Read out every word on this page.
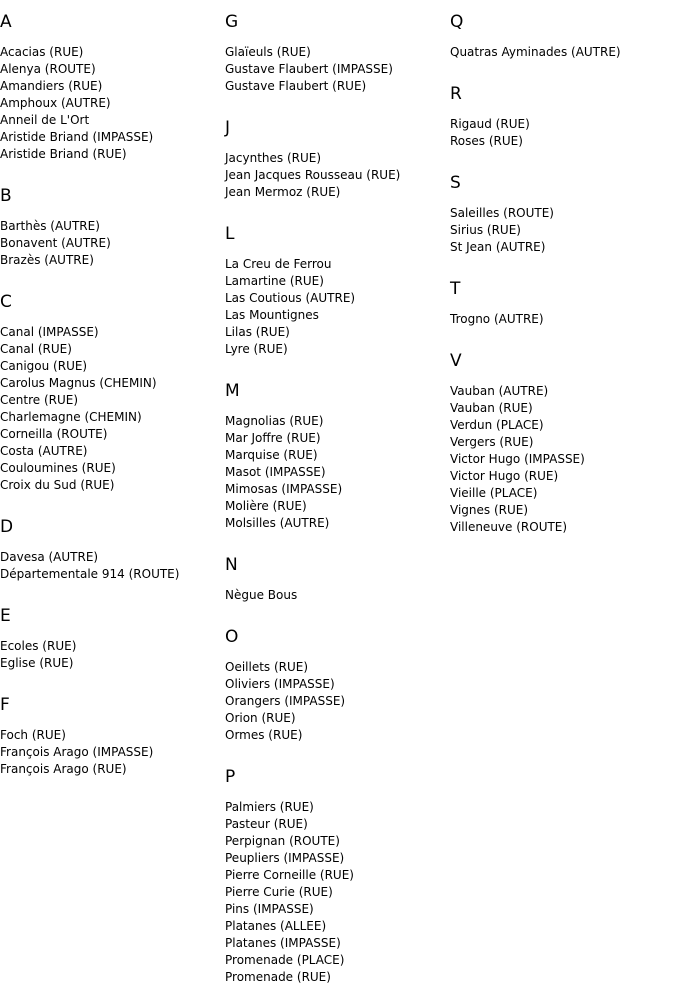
A
Acacias (RUE)
Alenya (ROUTE)
Amandiers (RUE)
Amphoux (AUTRE)
Anneil de L'Ort
Aristide Briand (IMPASSE)
Aristide Briand (RUE)
B
Barthès (AUTRE)
Bonavent (AUTRE)
Brazès (AUTRE)
C
Canal (IMPASSE)
Canal (RUE)
Canigou (RUE)
Carolus Magnus (CHEMIN)
Centre (RUE)
Charlemagne (CHEMIN)
Corneilla (ROUTE)
Costa (AUTRE)
Couloumines (RUE)
Croix du Sud (RUE)
D
Davesa (AUTRE)
Départementale 914 (ROUTE)
E
Ecoles (RUE)
Eglise (RUE)
F
Foch (RUE)
François Arago (IMPASSE)
François Arago (RUE)
G
Glaïeuls (RUE)
Gustave Flaubert (IMPASSE)
Gustave Flaubert (RUE)
J
Jacynthes (RUE)
Jean Jacques Rousseau (RUE)
Jean Mermoz (RUE)
L
La Creu de Ferrou
Lamartine (RUE)
Las Coutious (AUTRE)
Las Mountignes
Lilas (RUE)
Lyre (RUE)
M
Magnolias (RUE)
Mar Joffre (RUE)
Marquise (RUE)
Masot (IMPASSE)
Mimosas (IMPASSE)
Molière (RUE)
Molsilles (AUTRE)
N
Nègue Bous
O
Oeillets (RUE)
Oliviers (IMPASSE)
Orangers (IMPASSE)
Orion (RUE)
Ormes (RUE)
P
Palmiers (RUE)
Pasteur (RUE)
Perpignan (ROUTE)
Peupliers (IMPASSE)
Pierre Corneille (RUE)
Pierre Curie (RUE)
Pins (IMPASSE)
Platanes (ALLEE)
Platanes (IMPASSE)
Promenade (PLACE)
Promenade (RUE)
Q
Quatras Ayminades (AUTRE)
R
Rigaud (RUE)
Roses (RUE)
S
Saleilles (ROUTE)
Sirius (RUE)
St Jean (AUTRE)
T
Trogno (AUTRE)
V
Vauban (AUTRE)
Vauban (RUE)
Verdun (PLACE)
Vergers (RUE)
Victor Hugo (IMPASSE)
Victor Hugo (RUE)
Vieille (PLACE)
Vignes (RUE)
Villeneuve (ROUTE)
